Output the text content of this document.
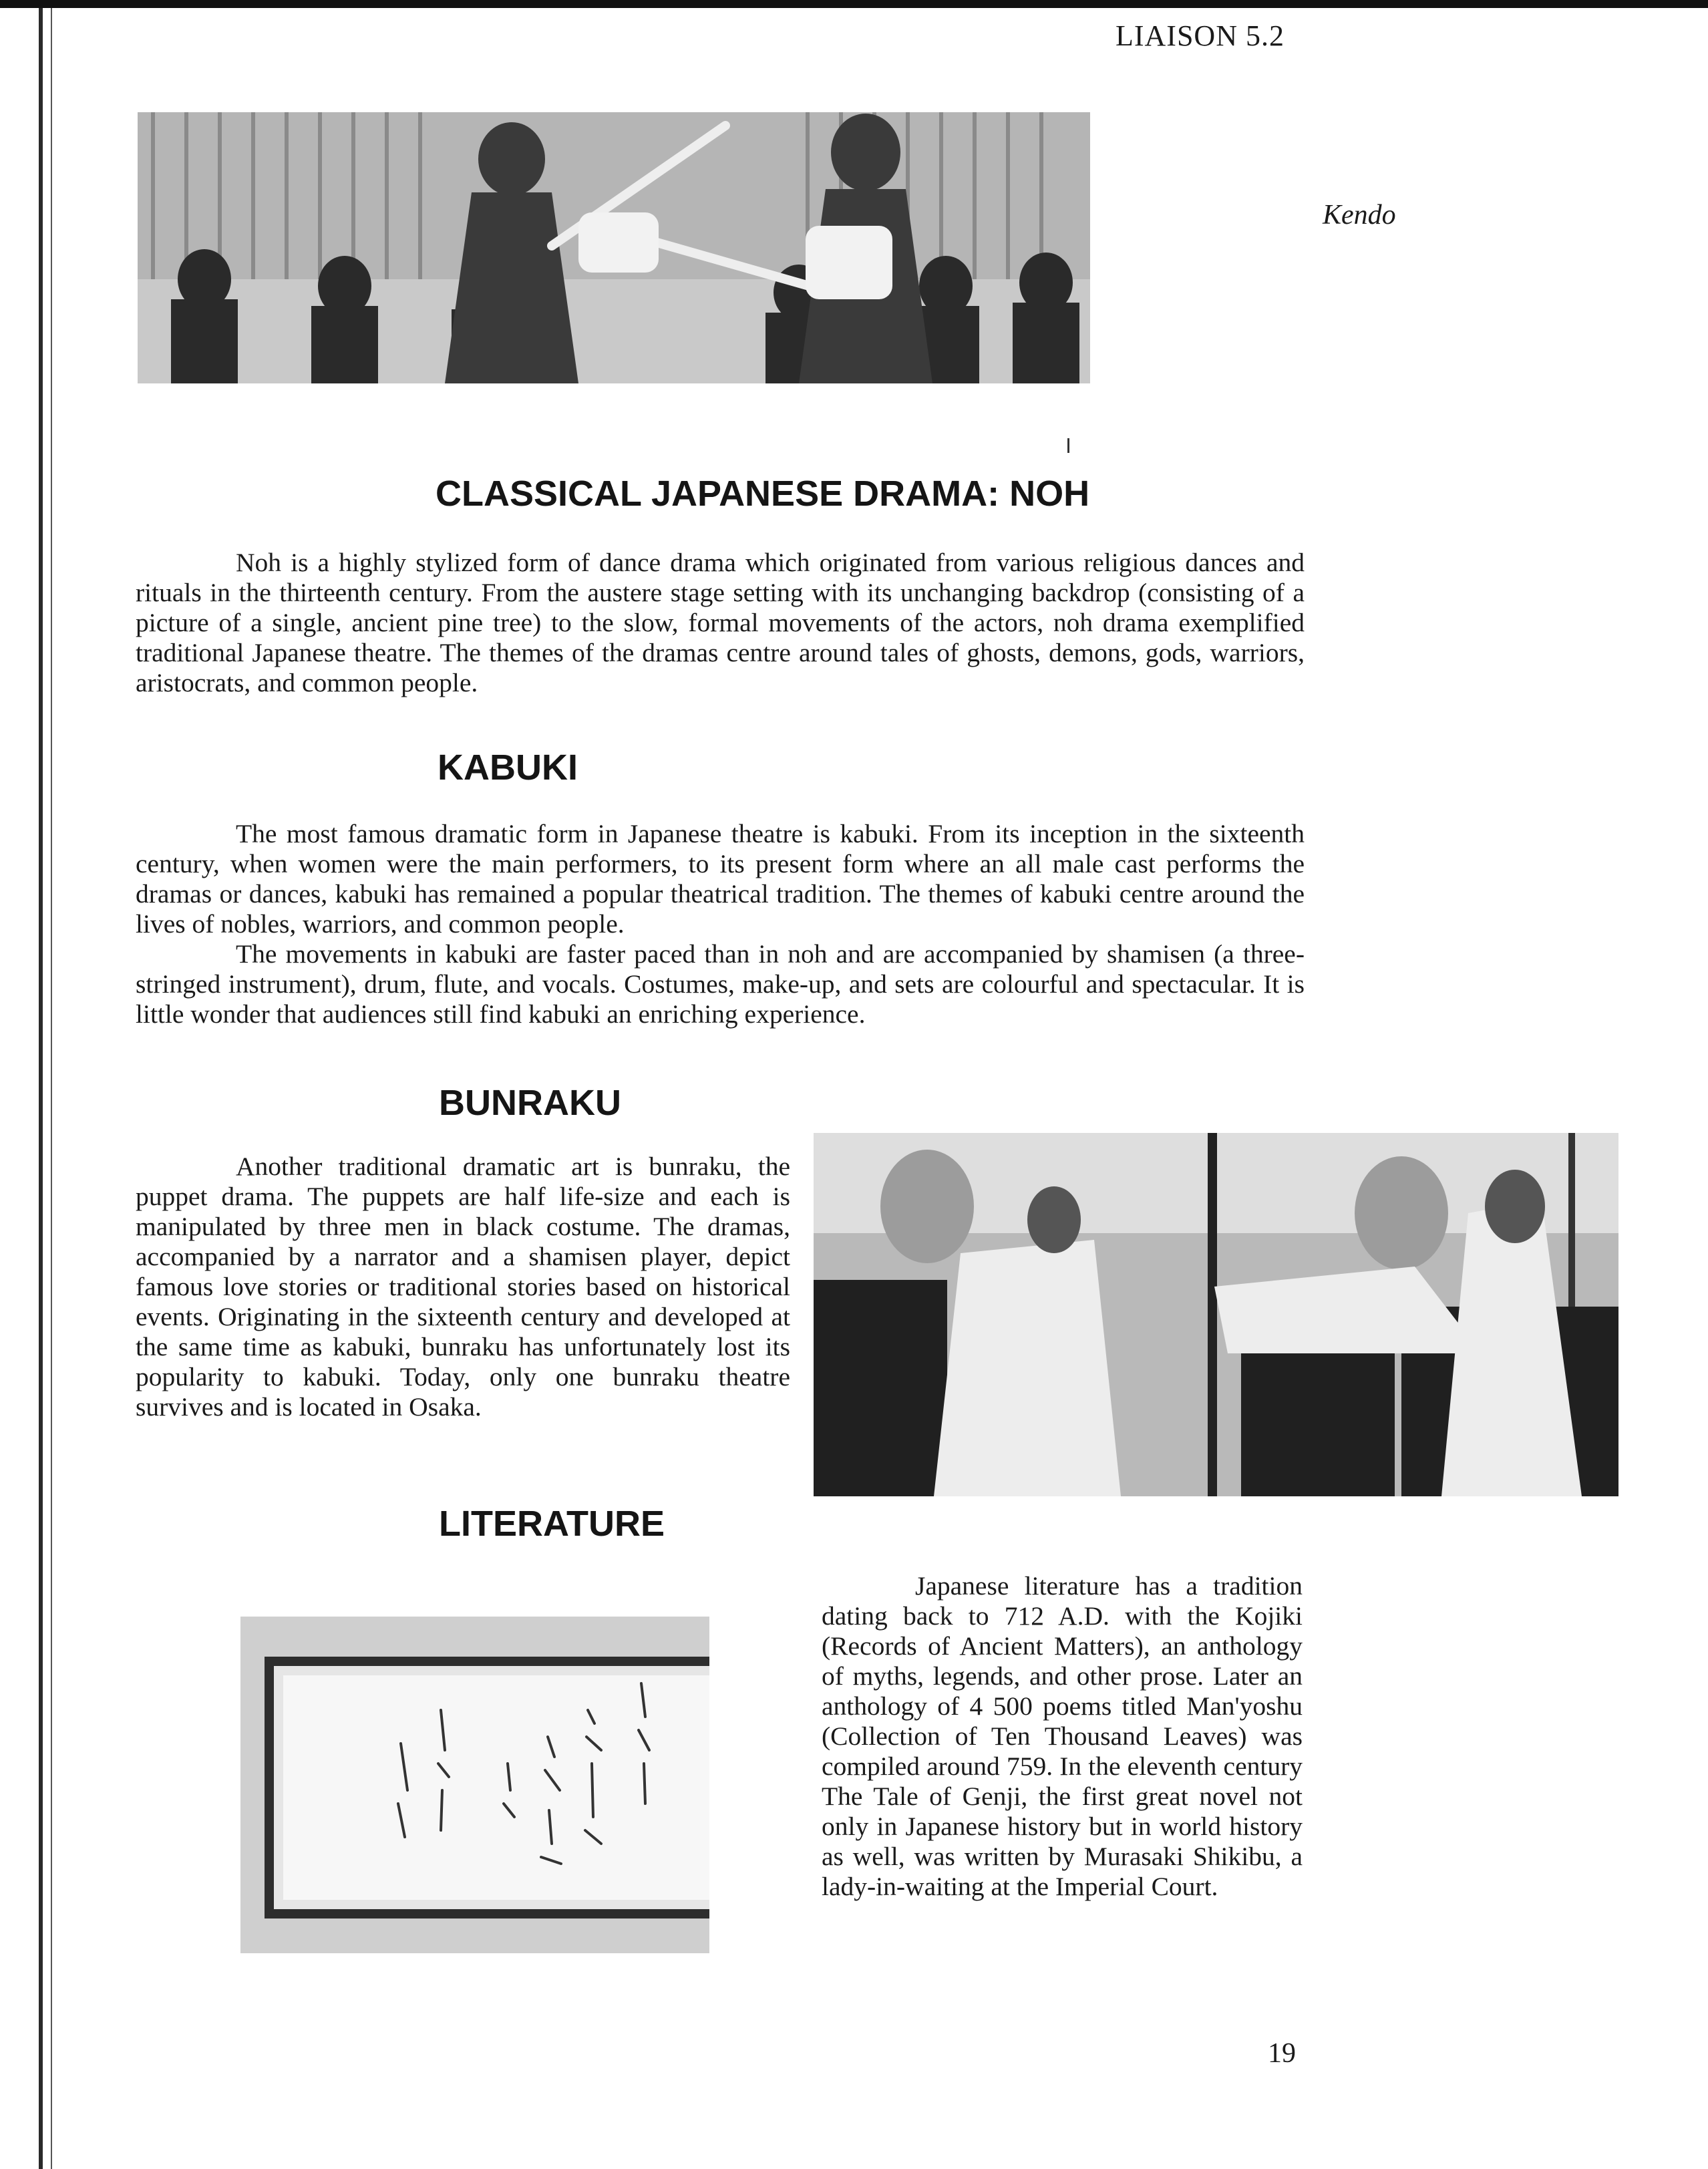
LIAISON 5.2
Kendo
CLASSICAL JAPANESE DRAMA: NOH

Noh is a highly stylized form of dance drama which originated from various religious dances and rituals in the thirteenth century. From the austere stage setting with its unchanging backdrop (consisting of a picture of a single, ancient pine tree) to the slow, formal movements of the actors, noh drama exemplified traditional Japanese theatre. The themes of the dramas centre around tales of ghosts, demons, gods, warriors, aristocrats, and common people.

KABUKI

The most famous dramatic form in Japanese theatre is kabuki. From its inception in the sixteenth century, when women were the main performers, to its present form where an all male cast performs the dramas or dances, kabuki has remained a popular theatrical tradition. The themes of kabuki centre around the lives of nobles, warriors, and common people.

The movements in kabuki are faster paced than in noh and are accompanied by shamisen (a three-stringed instrument), drum, flute, and vocals. Costumes, make-up, and sets are colourful and spectacular. It is little wonder that audiences still find kabuki an enriching experience.

BUNRAKU

Another traditional dramatic art is bunraku, the puppet drama. The puppets are half life-size and each is manipulated by three men in black costume. The dramas, accompanied by a narrator and a shamisen player, depict famous love stories or traditional stories based on historical events. Originating in the sixteenth century and developed at the same time as kabuki, bunraku has unfortunately lost its popularity to kabuki. Today, only one bunraku theatre survives and is located in Osaka.

LITERATURE

Japanese literature has a tradition dating back to 712 A.D. with the Kojiki (Records of Ancient Matters), an anthology of myths, legends, and other prose. Later an anthology of 4 500 poems titled Man'yoshu (Collection of Ten Thousand Leaves) was compiled around 759. In the eleventh century The Tale of Genji, the first great novel not only in Japanese history but in world history as well, was written by Murasaki Shikibu, a lady-in-waiting at the Imperial Court.

19
